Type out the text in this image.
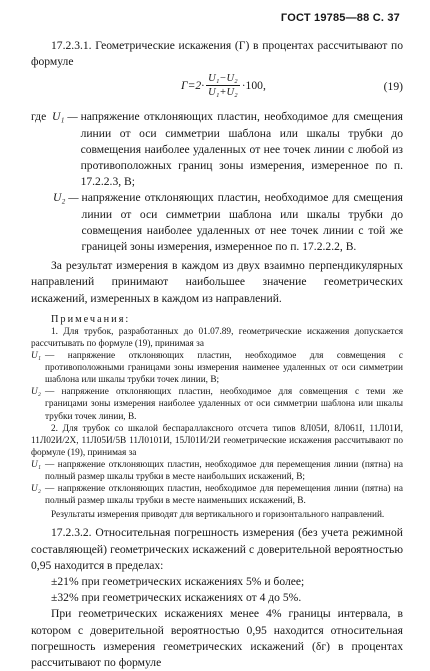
ГОСТ 19785—88 С. 37

17.2.3.1. Геометрические искажения (Г) в процентах рассчитывают по формуле

$Г=2\cdot \frac{\text{U₁−U₂}}{\text{U₁+U₂}} \cdot 100$,	(19)
где U₁ — напряжение отклоняющих пластин, необходимое для смещения линии от оси симметрии шаблона или шкалы трубки до совмещения наиболее удаленных от нее точек линии с любой из противоположных границ зоны измерения, измеренное по п. 17.2.2.3, В;
U₂ — напряжение отклоняющих пластин, необходимое для смещения линии от оси симметрии шаблона или шкалы трубки до совмещения наиболее удаленных от нее точек линии с той же границей зоны измерения, измеренное по п. 17.2.2.2, В.

За результат измерения в каждом из двух взаимно перпендикулярных направлений принимают наибольшее значение геометрических искажений, измеренных в каждом из направлений.

Примечания:

1. Для трубок, разработанных до 01.07.89, геометрические искажения допускается рассчитывать по формуле (19), принимая за

U₁ — напряжение отклоняющих пластин, необходимое для совмещения с противоположными границами зоны измерения наименее удаленных от оси симметрии шаблона или шкалы трубки точек линии, В;
U₂ — напряжение отклоняющих пластин, необходимое для совмещения с теми же границами зоны измерения наиболее удаленных от оси симметрии шаблона или шкалы трубки точек линии, В.

2. Для трубок со шкалой беспараллаксного отсчета типов 8Л05И, 8Л061I, 11Л01И, 11Л02И/2Х, 11Л05И/5В 11Л0101И, 15Л01И/2И геометрические искажения рассчитывают по формуле (19), принимая за

U₁ — напряжение отклоняющих пластин, необходимое для перемещения линии (пятна) на полный размер шкалы трубки в месте наибольших искажений, В;
U₂ — напряжение отклоняющих пластин, необходимое для перемещения линии (пятна) на полный размер шкалы трубки в месте наименьших искажений, В.

Результаты измерения приводят для вертикального и горизонтального направлений.

17.2.3.2. Относительная погрешность измерения (без учета режимной составляющей) геометрических искажений с доверительной вероятностью 0,95 находится в пределах:

±21% при геометрических искажениях 5% и более;

±32% при геометрических искажениях от 4 до 5%.

При геометрических искажениях менее 4% границы интервала, в котором с доверительной вероятностью 0,95 находится относительная погрешность измерения геометрических искажений (δг) в процентах рассчитывают по формуле
